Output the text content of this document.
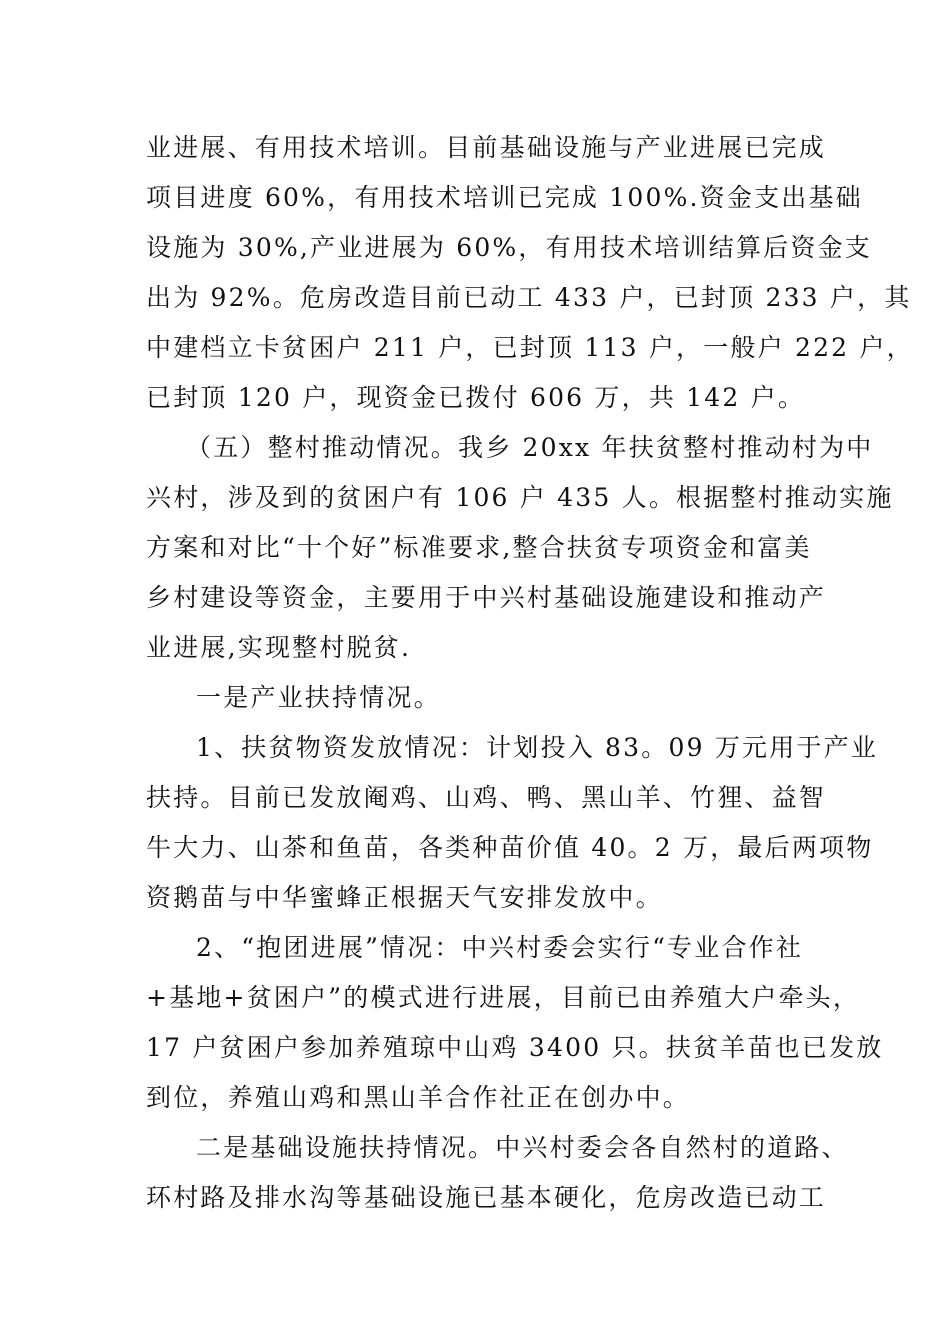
业进展、有用技术培训。目前基础设施与产业进展已完成
项目进度 60%，有用技术培训已完成 100%.资金支出基础
设施为 30%,产业进展为 60%，有用技术培训结算后资金支
出为 92%。危房改造目前已动工 433 户，已封顶 233 户，其
中建档立卡贫困户 211 户，已封顶 113 户，一般户 222 户，
已封顶 120 户，现资金已拨付 606 万，共 142 户。
（五）整村推动情况。我乡 20xx 年扶贫整村推动村为中
兴村，涉及到的贫困户有 106 户 435 人。根据整村推动实施
方案和对比“十个好”标准要求,整合扶贫专项资金和富美
乡村建设等资金，主要用于中兴村基础设施建设和推动产
业进展,实现整村脱贫.
一是产业扶持情况。
1、扶贫物资发放情况：计划投入 83。09 万元用于产业
扶持。目前已发放阉鸡、山鸡、鸭、黑山羊、竹狸、益智
牛大力、山茶和鱼苗，各类种苗价值 40。2 万，最后两项物
资鹅苗与中华蜜蜂正根据天气安排发放中。
2、“抱团进展”情况：中兴村委会实行“专业合作社
+基地+贫困户”的模式进行进展，目前已由养殖大户牵头，
17 户贫困户参加养殖琼中山鸡 3400 只。扶贫羊苗也已发放
到位，养殖山鸡和黑山羊合作社正在创办中。
二是基础设施扶持情况。中兴村委会各自然村的道路、
环村路及排水沟等基础设施已基本硬化，危房改造已动工
